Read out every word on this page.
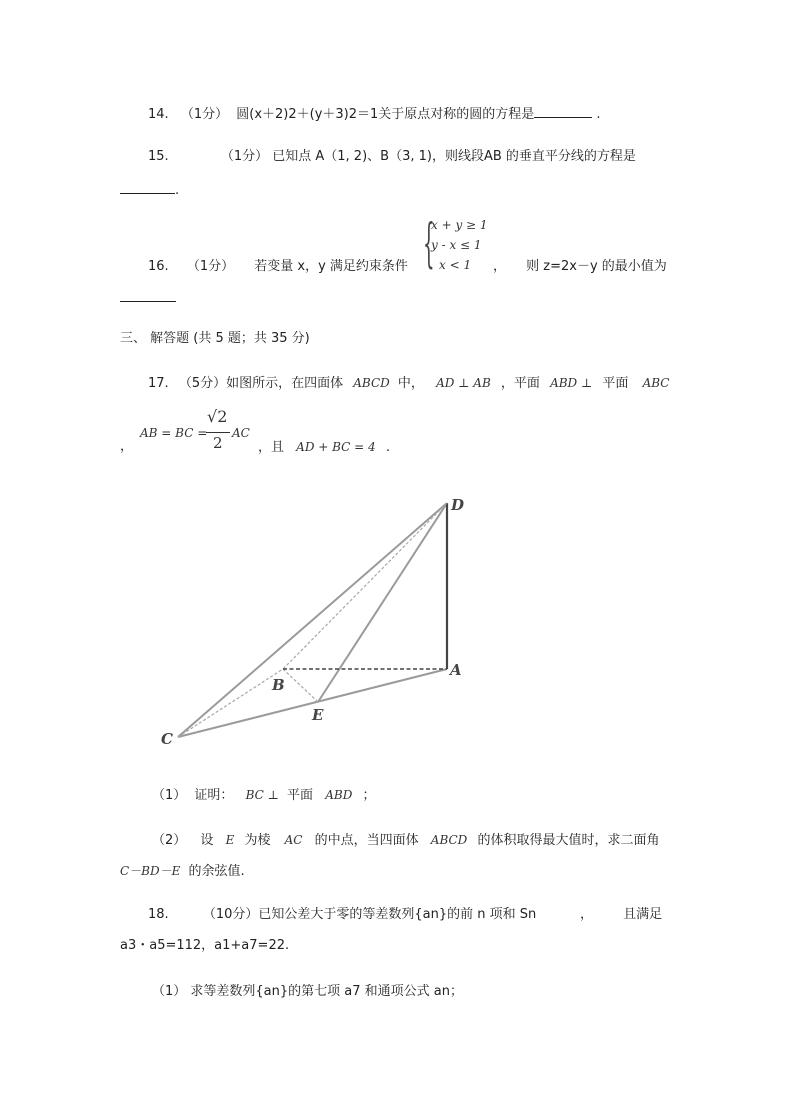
14. （1分） 圆(x＋2)2＋(y＋3)2＝1关于原点对称的圆的方程是	.
15.	（1分） 已知点 A（1, 2)、B（3, 1)，则线段AB 的垂直平分线的方程是
.
{
x + y ≥ 1
y - x ≤ 1
x < 1
16. （1分） 若变量 x，y 满足约束条件	， 则 z=2x－y 的最小值为
三、 解答题 (共 5 题；共 35 分)
17. （5分）如图所示，在四面体 ABCD 中， AD ⊥ AB ，平面 ABD ⊥ 平面 ABC
，
AB = BC =
√2
2
AC
，且 AD + BC = 4 .
D
A
B
E
C
（1） 证明： BC ⊥ 平面 ABD ；
（2） 设 E 为棱 AC 的中点，当四面体 ABCD 的体积取得最大值时，求二面角
C－BD－E 的余弦值.
18.	（10分）已知公差大于零的等差数列{an}的前 n 项和 Sn	， 且满足
a3・a5=112，a1+a7=22.
（1） 求等差数列{an}的第七项 a7 和通项公式 an；
